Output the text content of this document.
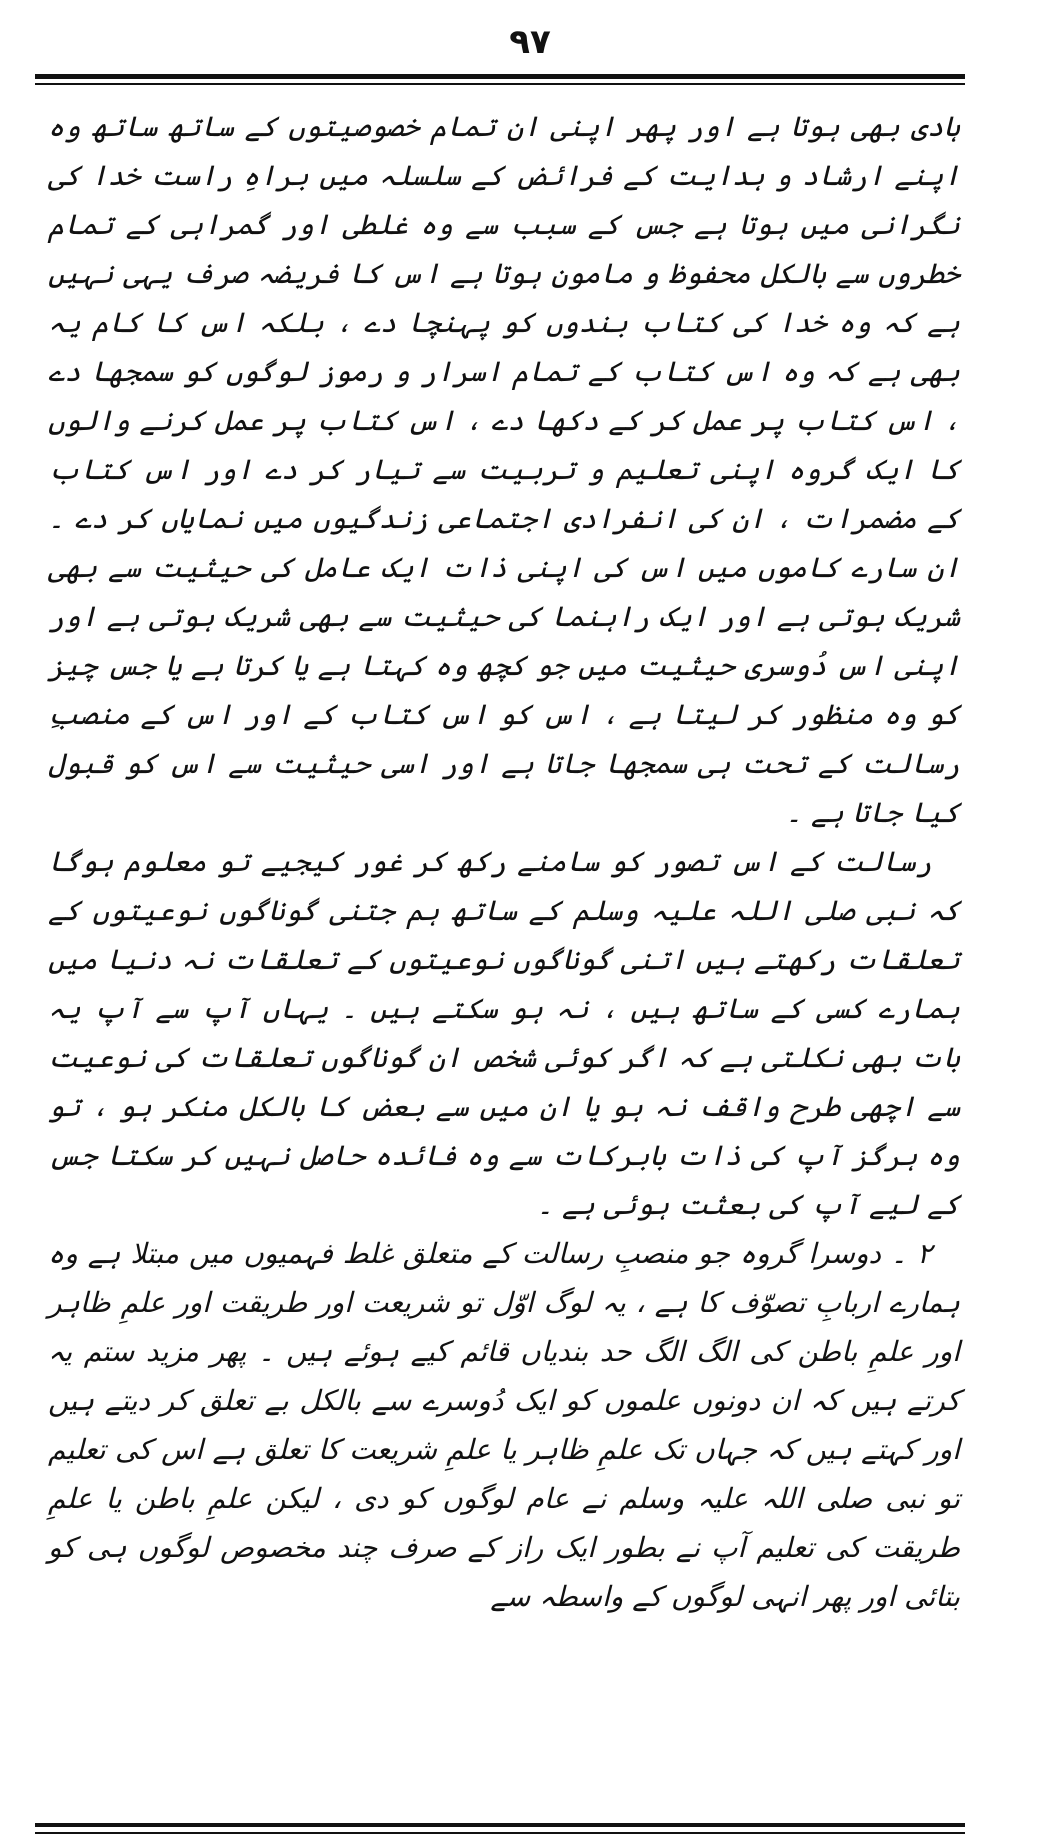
۹۷

ہادی بھی ہوتا ہے اور پھر اپنی ان تمام خصوصیتوں کے ساتھ ساتھ وہ اپنے ارشاد و ہدایت کے فرائض کے سلسلہ میں براہِ راست خدا کی نگرانی میں ہوتا ہے جس کے سبب سے وہ غلطی اور گمراہی کے تمام خطروں سے بالکل محفوظ و مامون ہوتا ہے اس کا فریضہ صرف یہی نہیں ہے کہ وہ خدا کی کتاب بندوں کو پہنچا دے ، بلکہ اس کا کام یہ بھی ہے کہ وہ اس کتاب کے تمام اسرار و رموز لوگوں کو سمجھا دے ، اس کتاب پر عمل کر کے دکھا دے ، اس کتاب پر عمل کرنے والوں کا ایک گروہ اپنی تعلیم و تربیت سے تیار کر دے اور اس کتاب کے مضمرات ، ان کی انفرادی اجتماعی زندگیوں میں نمایاں کر دے ۔ ان سارے کاموں میں اس کی اپنی ذات ایک عامل کی حیثیت سے بھی شریک ہوتی ہے اور ایک راہنما کی حیثیت سے بھی شریک ہوتی ہے اور اپنی اس دُوسری حیثیت میں جو کچھ وہ کہتا ہے یا کرتا ہے یا جس چیز کو وہ منظور کر لیتا ہے ، اس کو اس کتاب کے اور اس کے منصبِ رسالت کے تحت ہی سمجھا جاتا ہے اور اسی حیثیت سے اس کو قبول کیا جاتا ہے ۔

رسالت کے اس تصور کو سامنے رکھ کر غور کیجیے تو معلوم ہوگا کہ نبی صلی اللہ علیہ وسلم کے ساتھ ہم جتنی گوناگوں نوعیتوں کے تعلقات رکھتے ہیں اتنی گوناگوں نوعیتوں کے تعلقات نہ دنیا میں ہمارے کسی کے ساتھ ہیں ، نہ ہو سکتے ہیں ۔ یہاں آپ سے آپ یہ بات بھی نکلتی ہے کہ اگر کوئی شخص ان گوناگوں تعلقات کی نوعیت سے اچھی طرح واقف نہ ہو یا ان میں سے بعض کا بالکل منکر ہو ، تو وہ ہرگز آپ کی ذات بابرکات سے وہ فائدہ حاصل نہیں کر سکتا جس کے لیے آپ کی بعثت ہوئی ہے ۔

۲ ۔ دوسرا گروہ جو منصبِ رسالت کے متعلق غلط فہمیوں میں مبتلا ہے وہ ہمارے اربابِ تصوّف کا ہے ، یہ لوگ اوّل تو شریعت اور طریقت اور علمِ ظاہر اور علمِ باطن کی الگ الگ حد بندیاں قائم کیے ہوئے ہیں ۔ پھر مزید ستم یہ کرتے ہیں کہ ان دونوں علموں کو ایک دُوسرے سے بالکل بے تعلق کر دیتے ہیں اور کہتے ہیں کہ جہاں تک علمِ ظاہر یا علمِ شریعت کا تعلق ہے اس کی تعلیم تو نبی صلی اللہ علیہ وسلم نے عام لوگوں کو دی ، لیکن علمِ باطن یا علمِ طریقت کی تعلیم آپ نے بطور ایک راز کے صرف چند مخصوص لوگوں ہی کو بتائی اور پھر انہی لوگوں کے واسطہ سے
